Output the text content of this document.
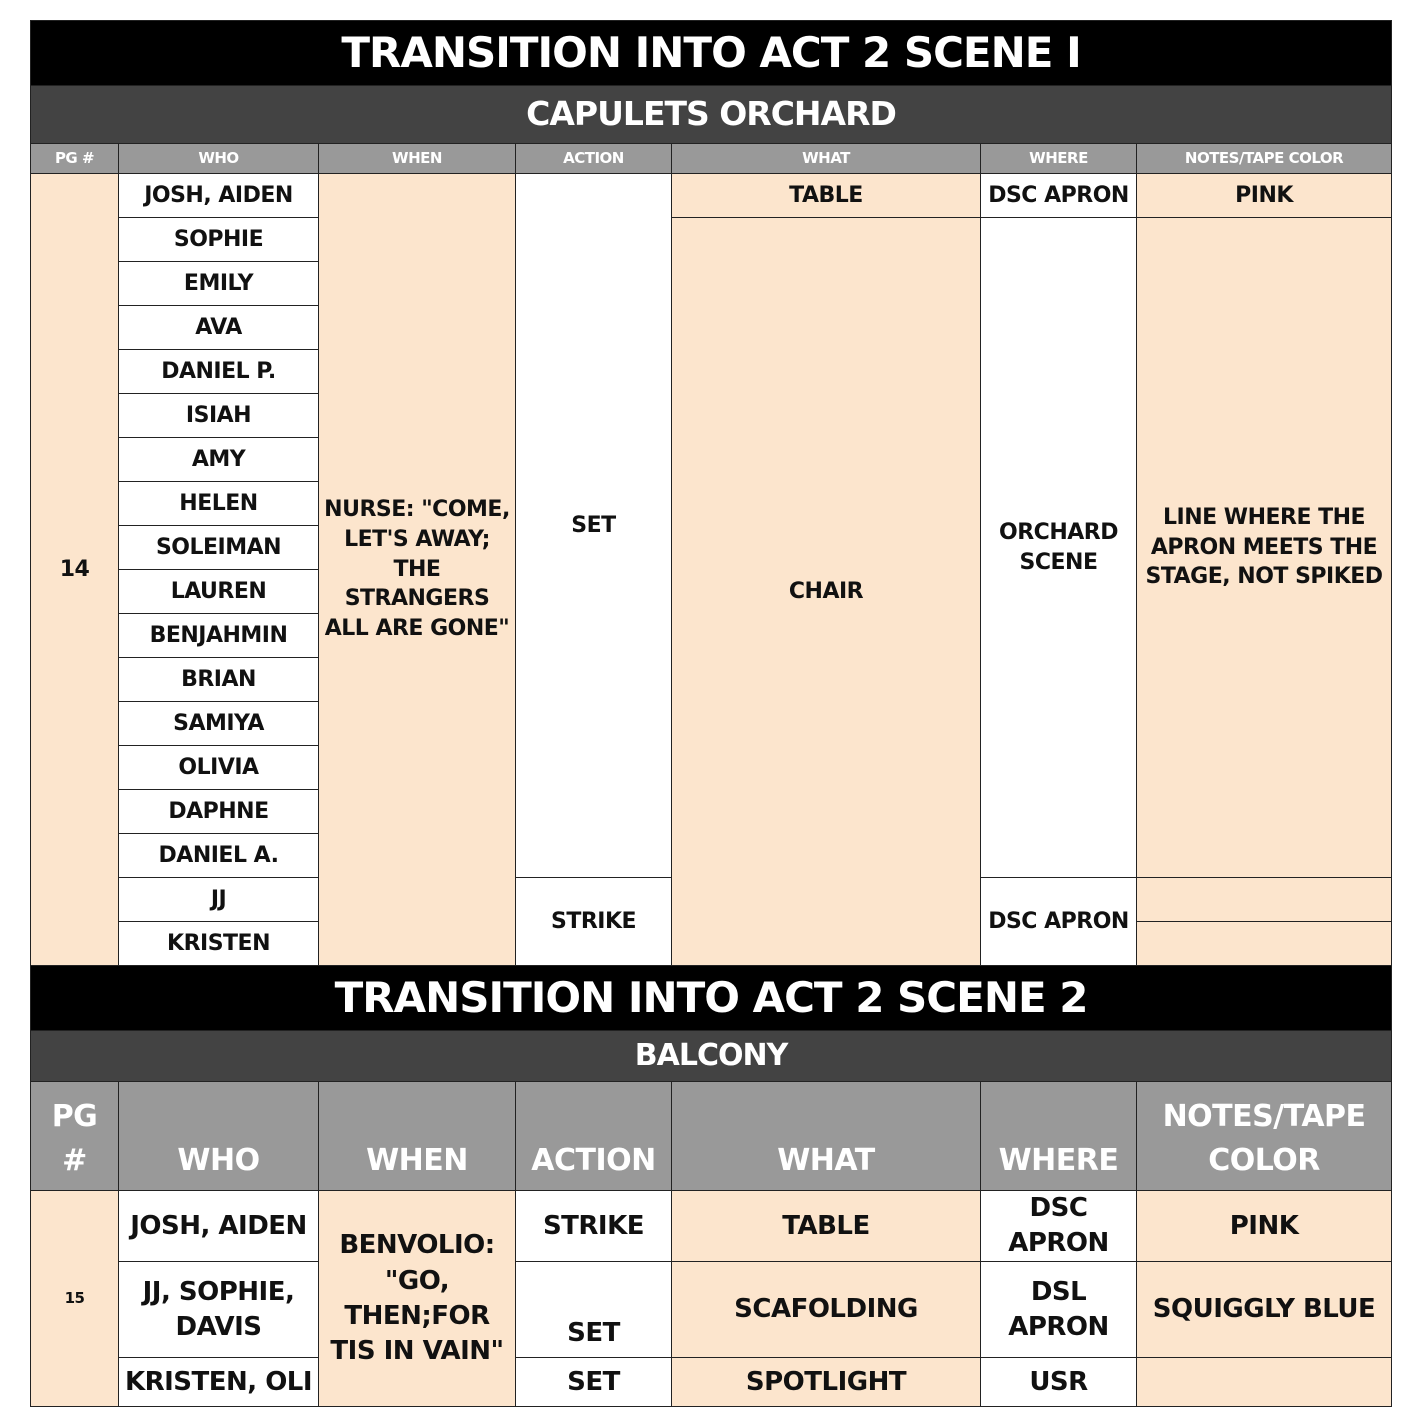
TRANSITION INTO ACT 2 SCENE I						
CAPULETS ORCHARD						
PG #	WHO	WHEN	ACTION	WHAT	WHERE	NOTES/TAPE COLOR
14	JOSH, AIDEN	NURSE: "COME, LET'S AWAY; THE STRANGERS ALL ARE GONE"	SET	TABLE	DSC APRON	PINK
	SOPHIE			CHAIR	ORCHARD SCENE	LINE WHERE THE APRON MEETS THE STAGE, NOT SPIKED
	EMILY					
	AVA					
	DANIEL P.					
	ISIAH					
	AMY					
	HELEN					
	SOLEIMAN					
	LAUREN					
	BENJAHMIN					
	BRIAN					
	SAMIYA					
	OLIVIA					
	DAPHNE					
	DANIEL A.					
	JJ		STRIKE		DSC APRON	
	KRISTEN					
TRANSITION INTO ACT 2 SCENE 2						
BALCONY						
PG #	WHO	WHEN	ACTION	WHAT	WHERE	NOTES/TAPE COLOR
15	JOSH, AIDEN	BENVOLIO: "GO, THEN;FOR TIS IN VAIN"	STRIKE	TABLE	DSC APRON	PINK
	JJ, SOPHIE, DAVIS		SET	SCAFOLDING	DSL APRON	SQUIGGLY BLUE
	KRISTEN, OLI		SET	SPOTLIGHT	USR	
